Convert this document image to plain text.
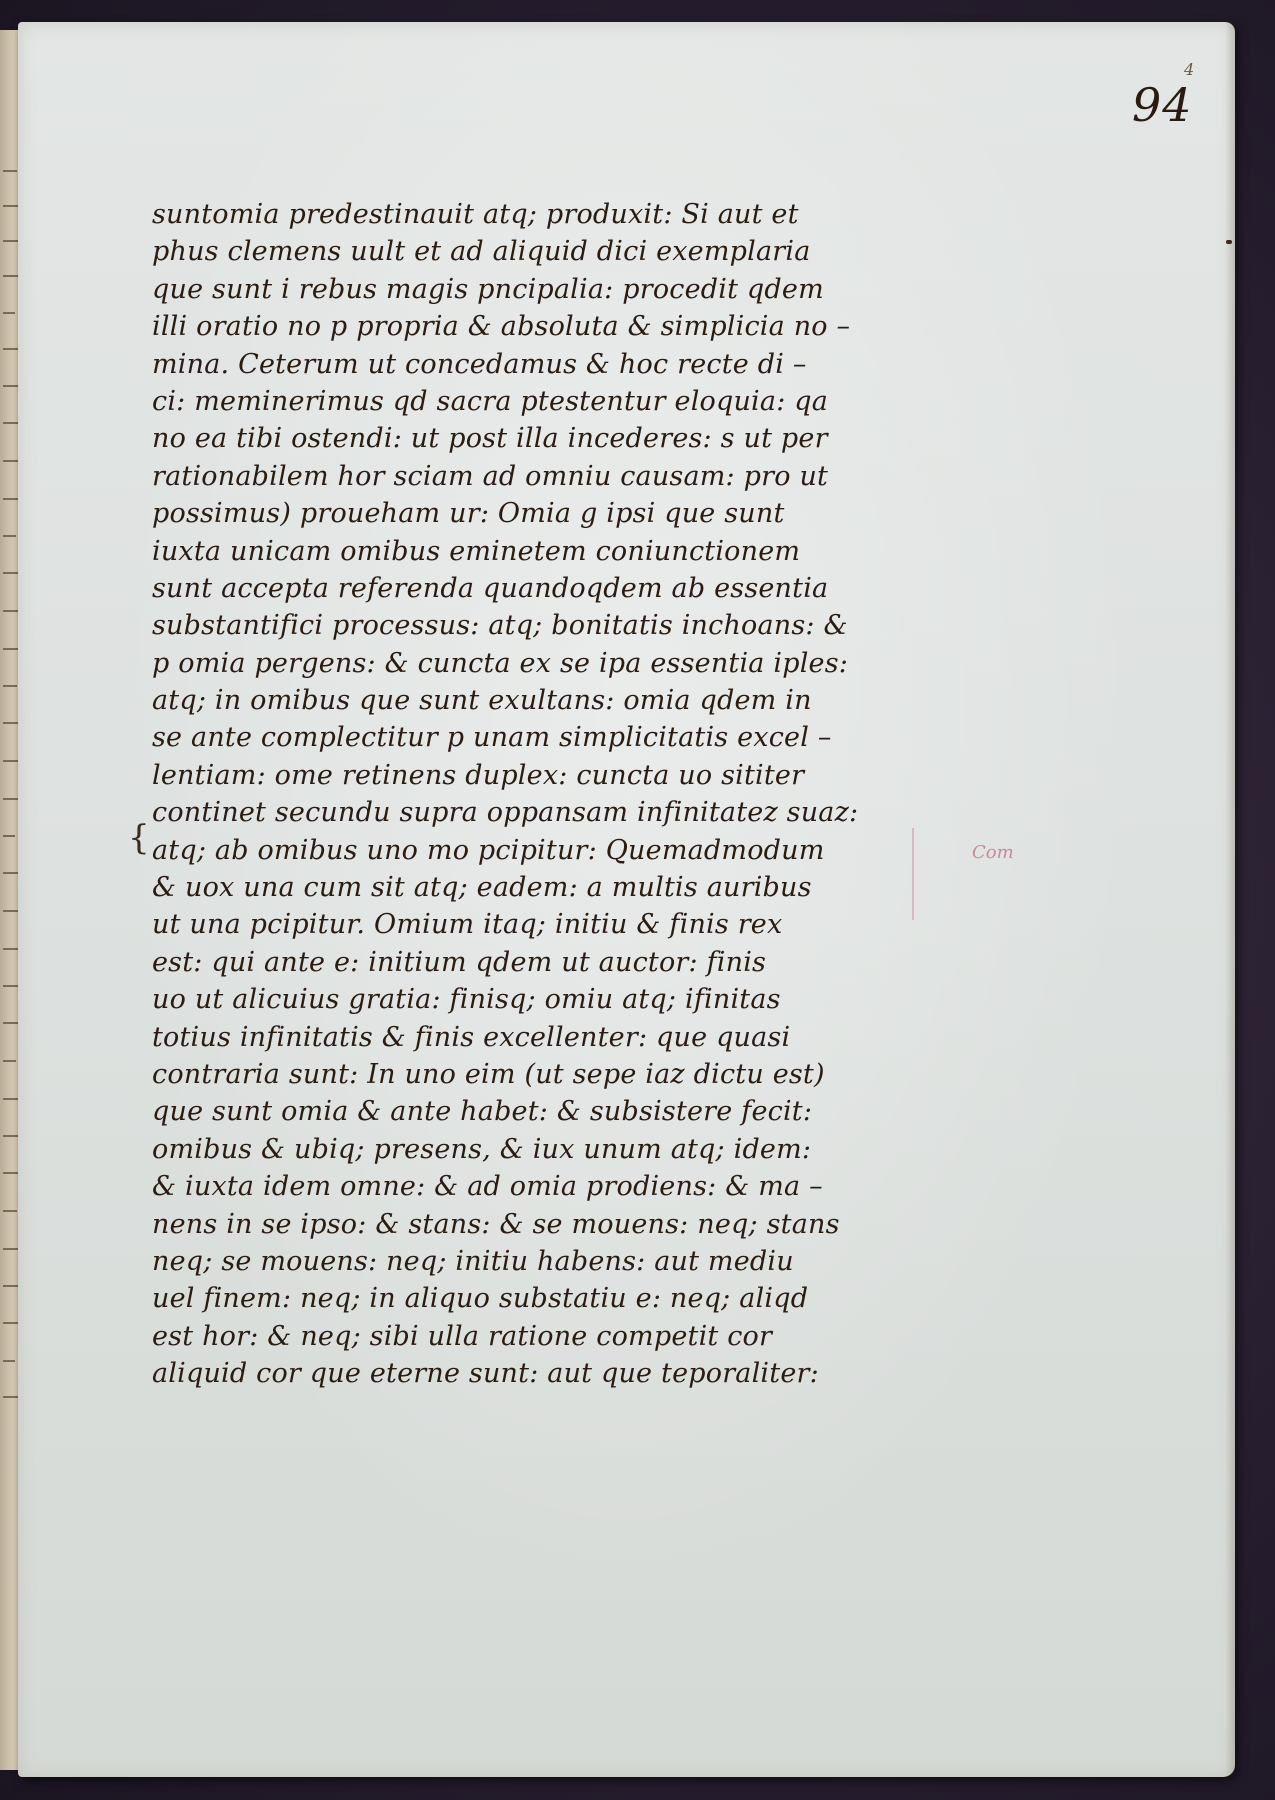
4
94
suntomia predestinauit atq; produxit: Si aut et
phus clemens uult et ad aliquid dici exemplaria
que sunt i rebus magis pncipalia: procedit qdem
illi oratio no p propria & absoluta & simplicia no –
mina. Ceterum ut concedamus & hoc recte di –
ci: meminerimus qd sacra ptestentur eloquia: qa
no ea tibi ostendi: ut post illa incederes: s ut per
rationabilem hor sciam ad omniu causam: pro ut
possimus) proueham ur: Omia g ipsi que sunt
iuxta unicam omibus eminetem coniunctionem
sunt accepta referenda quandoqdem ab essentia
substantifici processus: atq; bonitatis inchoans: &
p omia pergens: & cuncta ex se ipa essentia iples:
atq; in omibus que sunt exultans: omia qdem in
se ante complectitur p unam simplicitatis excel –
lentiam: ome retinens duplex: cuncta uo sititer
continet secundu supra oppansam infinitatez suaz:
atq; ab omibus uno mo pcipitur: Quemadmodum
& uox una cum sit atq; eadem: a multis auribus
ut una pcipitur. Omium itaq; initiu & finis rex
est: qui ante e: initium qdem ut auctor: finis
uo ut alicuius gratia: finisq; omiu atq; ifinitas
totius infinitatis & finis excellenter: que quasi
contraria sunt: In uno eim (ut sepe iaz dictu est)
que sunt omia & ante habet: & subsistere fecit:
omibus & ubiq; presens, & iux unum atq; idem:
& iuxta idem omne: & ad omia prodiens: & ma –
nens in se ipso: & stans: & se mouens: neq; stans
neq; se mouens: neq; initiu habens: aut mediu
uel finem: neq; in aliquo substatiu e: neq; aliqd
est hor: & neq; sibi ulla ratione competit cor
aliquid cor que eterne sunt: aut que teporaliter:
{	Com
